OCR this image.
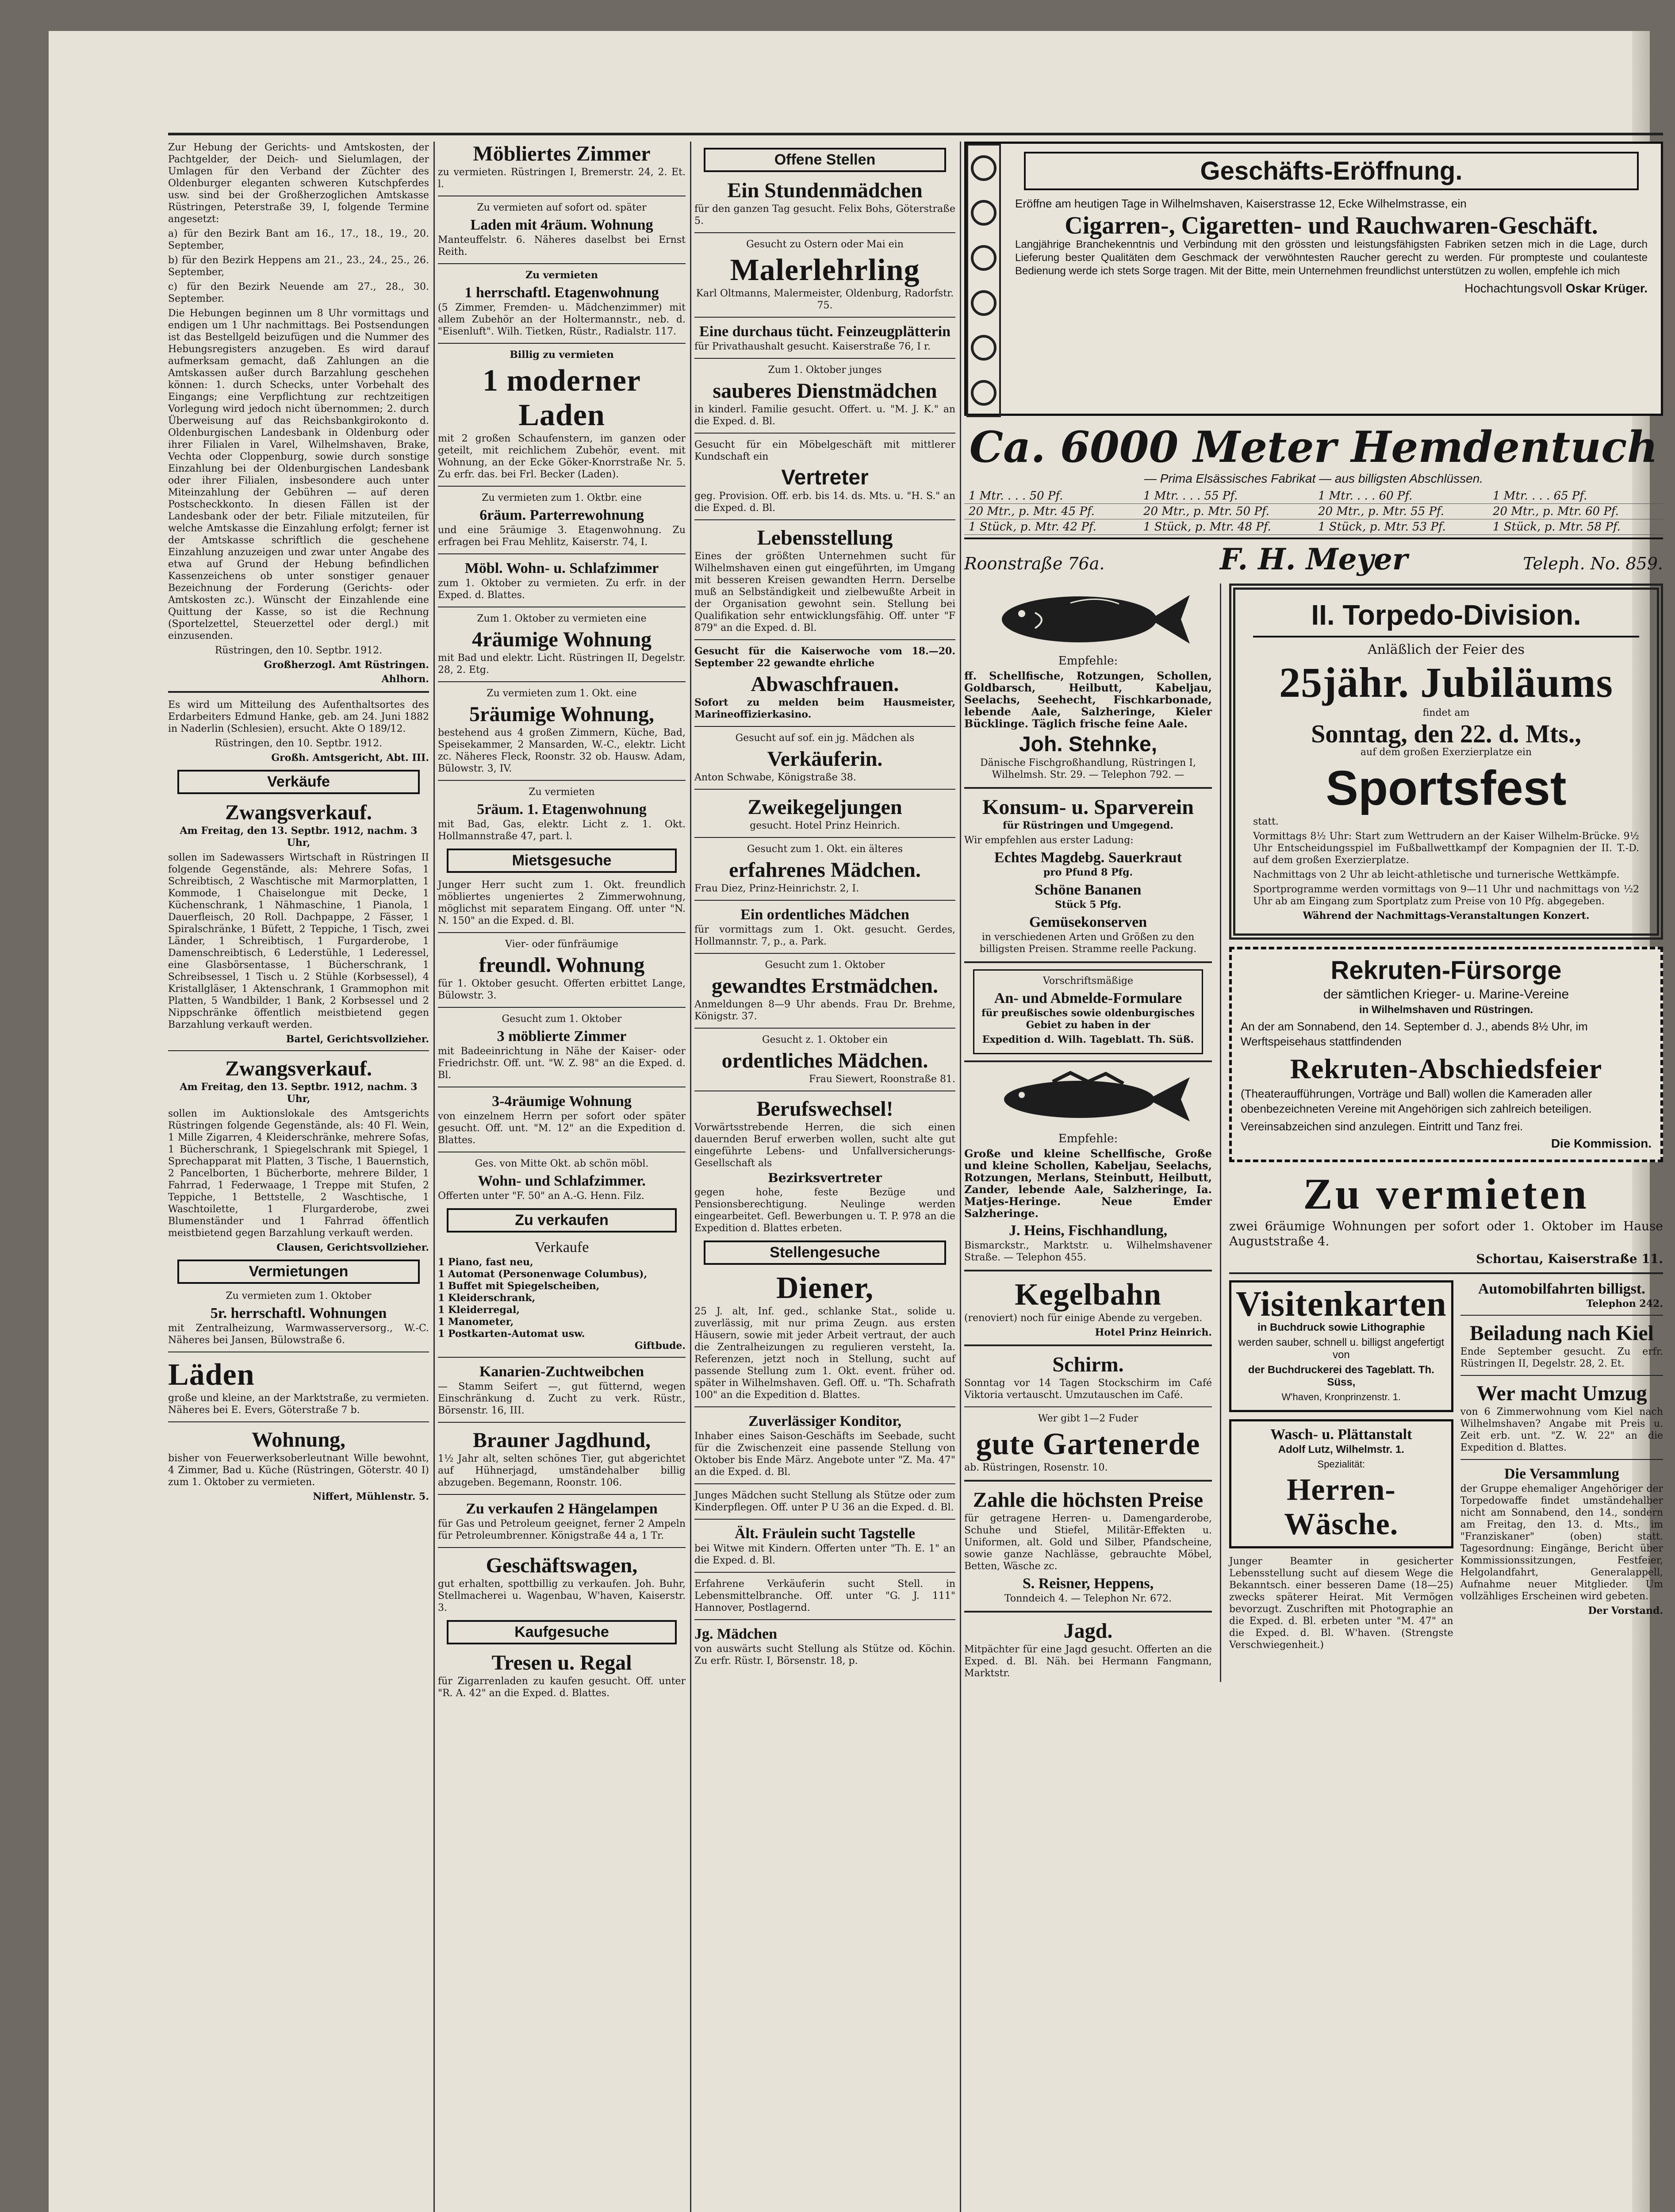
Zur Hebung der Gerichts- und Amtskosten, der Pachtgelder, der Deich- und Sielumlagen, der Umlagen für den Verband der Züchter des Oldenburger eleganten schweren Kutschpferdes usw. sind bei der Großherzoglichen Amtskasse Rüstringen, Peterstraße 39, I, folgende Termine angesetzt:

a) für den Bezirk Bant am 16., 17., 18., 19., 20. September,

b) für den Bezirk Heppens am 21., 23., 24., 25., 26. September,

c) für den Bezirk Neuende am 27., 28., 30. September.

Die Hebungen beginnen um 8 Uhr vormittags und endigen um 1 Uhr nachmittags. Bei Postsendungen ist das Bestellgeld beizufügen und die Nummer des Hebungsregisters anzugeben. Es wird darauf aufmerksam gemacht, daß Zahlungen an die Amtskassen außer durch Barzahlung geschehen können: 1. durch Schecks, unter Vorbehalt des Eingangs; eine Verpflichtung zur rechtzeitigen Vorlegung wird jedoch nicht übernommen; 2. durch Überweisung auf das Reichsbankgirokonto d. Oldenburgischen Landesbank in Oldenburg oder ihrer Filialen in Varel, Wilhelmshaven, Brake, Vechta oder Cloppenburg, sowie durch sonstige Einzahlung bei der Oldenburgischen Landesbank oder ihrer Filialen, insbesondere auch unter Miteinzahlung der Gebühren — auf deren Postscheckkonto. In diesen Fällen ist der Landesbank oder der betr. Filiale mitzuteilen, für welche Amtskasse die Einzahlung erfolgt; ferner ist der Amtskasse schriftlich die geschehene Einzahlung anzuzeigen und zwar unter Angabe des etwa auf Grund der Hebung befindlichen Kassenzeichens ob unter sonstiger genauer Bezeichnung der Forderung (Gerichts- oder Amtskosten zc.). Wünscht der Einzahlende eine Quittung der Kasse, so ist die Rechnung (Sportelzettel, Steuerzettel oder dergl.) mit einzusenden.

Rüstringen, den 10. Septbr. 1912.

Großherzogl. Amt Rüstringen.

Ahlhorn.

Es wird um Mitteilung des Aufenthaltsortes des Erdarbeiters Edmund Hanke, geb. am 24. Juni 1882 in Naderlin (Schlesien), ersucht. Akte O 189/12.

Rüstringen, den 10. Septbr. 1912.

Großh. Amtsgericht, Abt. III.

Verkäufe
Zwangsverkauf.

Am Freitag, den 13. Septbr. 1912, nachm. 3 Uhr,

sollen im Sadewassers Wirtschaft in Rüstringen II folgende Gegenstände, als: Mehrere Sofas, 1 Schreibtisch, 2 Waschtische mit Marmorplatten, 1 Kommode, 1 Chaiselongue mit Decke, 1 Küchenschrank, 1 Nähmaschine, 1 Pianola, 1 Dauerfleisch, 20 Roll. Dachpappe, 2 Fässer, 1 Spiralschränke, 1 Büfett, 2 Teppiche, 1 Tisch, zwei Länder, 1 Schreibtisch, 1 Furgarderobe, 1 Damenschreibtisch, 6 Lederstühle, 1 Lederessel, eine Glasbörsentasse, 1 Bücherschrank, 1 Schreibsessel, 1 Tisch u. 2 Stühle (Korbsessel), 4 Kristallgläser, 1 Aktenschrank, 1 Grammophon mit Platten, 5 Wandbilder, 1 Bank, 2 Korbsessel und 2 Nippschränke öffentlich meistbietend gegen Barzahlung verkauft werden.

Bartel, Gerichtsvollzieher.

Zwangsverkauf.

Am Freitag, den 13. Septbr. 1912, nachm. 3 Uhr,

sollen im Auktionslokale des Amtsgerichts Rüstringen folgende Gegenstände, als: 40 Fl. Wein, 1 Mille Zigarren, 4 Kleiderschränke, mehrere Sofas, 1 Bücherschrank, 1 Spiegelschrank mit Spiegel, 1 Sprechapparat mit Platten, 3 Tische, 1 Bauernstich, 2 Pancelborten, 1 Bücherborte, mehrere Bilder, 1 Fahrrad, 1 Federwaage, 1 Treppe mit Stufen, 2 Teppiche, 1 Bettstelle, 2 Waschtische, 1 Waschtoilette, 1 Flurgarderobe, zwei Blumenständer und 1 Fahrrad öffentlich meistbietend gegen Barzahlung verkauft werden.

Clausen, Gerichtsvollzieher.

Vermietungen

Zu vermieten zum 1. Oktober

5r. herrschaftl. Wohnungen

mit Zentralheizung, Warmwasserversorg., W.-C. Näheres bei Jansen, Bülowstraße 6.

Läden

große und kleine, an der Marktstraße, zu vermieten. Näheres bei E. Evers, Göterstraße 7 b.

Wohnung,

bisher von Feuerwerksoberleutnant Wille bewohnt, 4 Zimmer, Bad u. Küche (Rüstringen, Göterstr. 40 I) zum 1. Oktober zu vermieten.

Niffert, Mühlenstr. 5.

Möbliertes Zimmer

zu vermieten. Rüstringen I, Bremerstr. 24, 2. Et. l.

Zu vermieten auf sofort od. später

Laden mit 4räum. Wohnung

Manteuffelstr. 6. Näheres daselbst bei Ernst Reith.

Zu vermieten

1 herrschaftl. Etagenwohnung

(5 Zimmer, Fremden- u. Mädchenzimmer) mit allem Zubehör an der Holtermannstr., neb. d. "Eisenluft". Wilh. Tietken, Rüstr., Radialstr. 117.

Billig zu vermieten

1 moderner Laden

mit 2 großen Schaufenstern, im ganzen oder geteilt, mit reichlichem Zubehör, event. mit Wohnung, an der Ecke Göker-Knorrstraße Nr. 5. Zu erfr. das. bei Frl. Becker (Laden).

Zu vermieten zum 1. Oktbr. eine

6räum. Parterrewohnung

und eine 5räumige 3. Etagenwohnung. Zu erfragen bei Frau Mehlitz, Kaiserstr. 74, I.

Möbl. Wohn- u. Schlafzimmer

zum 1. Oktober zu vermieten. Zu erfr. in der Exped. d. Blattes.

Zum 1. Oktober zu vermieten eine

4räumige Wohnung

mit Bad und elektr. Licht. Rüstringen II, Degelstr. 28, 2. Etg.

Zu vermieten zum 1. Okt. eine

5räumige Wohnung,

bestehend aus 4 großen Zimmern, Küche, Bad, Speisekammer, 2 Mansarden, W.-C., elektr. Licht zc. Näheres Fleck, Roonstr. 32 ob. Hausw. Adam, Bülowstr. 3, IV.

Zu vermieten

5räum. 1. Etagenwohnung

mit Bad, Gas, elektr. Licht z. 1. Okt. Hollmannstraße 47, part. l.

Mietsgesuche

Junger Herr sucht zum 1. Okt. freundlich möbliertes ungeniertes 2 Zimmerwohnung, möglichst mit separatem Eingang. Off. unter "N. N. 150" an die Exped. d. Bl.

Vier- oder fünfräumige

freundl. Wohnung

für 1. Oktober gesucht. Offerten erbittet Lange, Bülowstr. 3.

Gesucht zum 1. Oktober

3 möblierte Zimmer

mit Badeeinrichtung in Nähe der Kaiser- oder Friedrichstr. Off. unt. "W. Z. 98" an die Exped. d. Bl.

3-4räumige Wohnung

von einzelnem Herrn per sofort oder später gesucht. Off. unt. "M. 12" an die Expedition d. Blattes.

Ges. von Mitte Okt. ab schön möbl.

Wohn- und Schlafzimmer.

Offerten unter "F. 50" an A.-G. Henn. Filz.

Zu verkaufen
Verkaufe

1 Piano, fast neu,

1 Automat (Personenwage Columbus),

1 Buffet mit Spiegelscheiben,

1 Kleiderschrank,

1 Kleiderregal,

1 Manometer,

1 Postkarten-Automat usw.

Giftbude.

Kanarien-Zuchtweibchen

— Stamm Seifert —, gut fütternd, wegen Einschränkung d. Zucht zu verk. Rüstr., Börsenstr. 16, III.

Brauner Jagdhund,

1½ Jahr alt, selten schönes Tier, gut abgerichtet auf Hühnerjagd, umständehalber billig abzugeben. Begemann, Roonstr. 106.

Zu verkaufen 2 Hängelampen

für Gas und Petroleum geeignet, ferner 2 Ampeln für Petroleumbrenner. Königstraße 44 a, 1 Tr.

Geschäftswagen,

gut erhalten, spottbillig zu verkaufen. Joh. Buhr, Stellmacherei u. Wagenbau, W'haven, Kaiserstr. 3.

Kaufgesuche
Tresen u. Regal

für Zigarrenladen zu kaufen gesucht. Off. unter "R. A. 42" an die Exped. d. Blattes.

Offene Stellen
Ein Stundenmädchen

für den ganzen Tag gesucht. Felix Bohs, Göterstraße 5.

Gesucht zu Ostern oder Mai ein

Malerlehrling

Karl Oltmanns, Malermeister, Oldenburg, Radorfstr. 75.

Eine durchaus tücht. Feinzeugplätterin

für Privathaushalt gesucht. Kaiserstraße 76, I r.

Zum 1. Oktober junges

sauberes Dienstmädchen

in kinderl. Familie gesucht. Offert. u. "M. J. K." an die Exped. d. Bl.

Gesucht für ein Möbelgeschäft mit mittlerer Kundschaft ein

Vertreter

geg. Provision. Off. erb. bis 14. ds. Mts. u. "H. S." an die Exped. d. Bl.

Lebensstellung

Eines der größten Unternehmen sucht für Wilhelmshaven einen gut eingeführten, im Umgang mit besseren Kreisen gewandten Herrn. Derselbe muß an Selbständigkeit und zielbewußte Arbeit in der Organisation gewohnt sein. Stellung bei Qualifikation sehr entwicklungsfähig. Off. unter "F 879" an die Exped. d. Bl.

Gesucht für die Kaiserwoche vom 18.—20. September 22 gewandte ehrliche

Abwaschfrauen.

Sofort zu melden beim Hausmeister, Marineoffizierkasino.

Gesucht auf sof. ein jg. Mädchen als

Verkäuferin.

Anton Schwabe, Königstraße 38.

Zweikegeljungen

gesucht. Hotel Prinz Heinrich.

Gesucht zum 1. Okt. ein älteres

erfahrenes Mädchen.

Frau Diez, Prinz-Heinrichstr. 2, I.

Ein ordentliches Mädchen

für vormittags zum 1. Okt. gesucht. Gerdes, Hollmannstr. 7, p., a. Park.

Gesucht zum 1. Oktober

gewandtes Erstmädchen.

Anmeldungen 8—9 Uhr abends. Frau Dr. Brehme, Königstr. 37.

Gesucht z. 1. Oktober ein

ordentliches Mädchen.

Frau Siewert, Roonstraße 81.

Berufswechsel!

Vorwärtsstrebende Herren, die sich einen dauernden Beruf erwerben wollen, sucht alte gut eingeführte Lebens- und Unfallversicherungs-Gesellschaft als

Bezirksvertreter

gegen hohe, feste Bezüge und Pensionsberechtigung. Neulinge werden eingearbeitet. Gefl. Bewerbungen u. T. P. 978 an die Expedition d. Blattes erbeten.

Stellengesuche
Diener,

25 J. alt, Inf. ged., schlanke Stat., solide u. zuverlässig, mit nur prima Zeugn. aus ersten Häusern, sowie mit jeder Arbeit vertraut, der auch die Zentralheizungen zu regulieren versteht, Ia. Referenzen, jetzt noch in Stellung, sucht auf passende Stellung zum 1. Okt. event. früher od. später in Wilhelmshaven. Gefl. Off. u. "Th. Schafrath 100" an die Expedition d. Blattes.

Zuverlässiger Konditor,

Inhaber eines Saison-Geschäfts im Seebade, sucht für die Zwischenzeit eine passende Stellung von Oktober bis Ende März. Angebote unter "Z. Ma. 47" an die Exped. d. Bl.

Junges Mädchen sucht Stellung als Stütze oder zum Kinderpflegen. Off. unter P U 36 an die Exped. d. Bl.

Ält. Fräulein sucht Tagstelle

bei Witwe mit Kindern. Offerten unter "Th. E. 1" an die Exped. d. Bl.

Erfahrene Verkäuferin sucht Stell. in Lebensmittelbranche. Off. unter "G. J. 111" Hannover, Postlagernd.

Jg. Mädchen

von auswärts sucht Stellung als Stütze od. Köchin. Zu erfr. Rüstr. I, Börsenstr. 18, p.

Geschäfts-Eröffnung.

Eröffne am heutigen Tage in Wilhelmshaven, Kaiserstrasse 12, Ecke Wilhelmstrasse, ein

Cigarren-, Cigaretten- und Rauchwaren-Geschäft.

Langjährige Branchekenntnis und Verbindung mit den grössten und leistungsfähigsten Fabriken setzen mich in die Lage, durch Lieferung bester Qualitäten dem Geschmack der verwöhntesten Raucher gerecht zu werden. Für prompteste und coulanteste Bedienung werde ich stets Sorge tragen. Mit der Bitte, mein Unternehmen freundlichst unterstützen zu wollen, empfehle ich mich

Hochachtungsvoll Oskar Krüger.

Ca. 6000 Meter Hemdentuch
— Prima Elsässisches Fabrikat — aus billigsten Abschlüssen.
1 Mtr. . . . 50 Pf.	1 Mtr. . . . 55 Pf.	1 Mtr. . . . 60 Pf.	1 Mtr. . . . 65 Pf.
20 Mtr., p. Mtr. 45 Pf.	20 Mtr., p. Mtr. 50 Pf.	20 Mtr., p. Mtr. 55 Pf.	20 Mtr., p. Mtr. 60 Pf.
1 Stück, p. Mtr. 42 Pf.	1 Stück, p. Mtr. 48 Pf.	1 Stück, p. Mtr. 53 Pf.	1 Stück, p. Mtr. 58 Pf.
Roonstraße 76a.	F. H. Meyer	Teleph. No. 859.

Empfehle:

ff. Schellfische, Rotzungen, Schollen, Goldbarsch, Heilbutt, Kabeljau, Seelachs, Seehecht, Fischkarbonade, lebende Aale, Salzheringe, Kieler Bücklinge. Täglich frische feine Aale.

Joh. Stehnke,

Dänische Fischgroßhandlung, Rüstringen I, Wilhelmsh. Str. 29. — Telephon 792. —

Konsum- u. Sparverein

für Rüstringen und Umgegend.

Wir empfehlen aus erster Ladung:

Echtes Magdebg. Sauerkraut

pro Pfund 8 Pfg.

Schöne Bananen

Stück 5 Pfg.

Gemüsekonserven

in verschiedenen Arten und Größen zu den billigsten Preisen. Stramme reelle Packung.

Vorschriftsmäßige

An- und Abmelde-Formulare

für preußisches sowie oldenburgisches Gebiet zu haben in der

Expedition d. Wilh. Tageblatt. Th. Süß.

Empfehle:

Große und kleine Schellfische, Große und kleine Schollen, Kabeljau, Seelachs, Rotzungen, Merlans, Steinbutt, Heilbutt, Zander, lebende Aale, Salzheringe, Ia. Matjes-Heringe. Neue Emder Salzheringe.

J. Heins, Fischhandlung,

Bismarckstr., Marktstr. u. Wilhelmshavener Straße. — Telephon 455.

Kegelbahn

(renoviert) noch für einige Abende zu vergeben.

Hotel Prinz Heinrich.

Schirm.

Sonntag vor 14 Tagen Stockschirm im Café Viktoria vertauscht. Umzutauschen im Café.

Wer gibt 1—2 Fuder

gute Gartenerde

ab. Rüstringen, Rosenstr. 10.

Zahle die höchsten Preise

für getragene Herren- u. Damengarderobe, Schuhe und Stiefel, Militär-Effekten u. Uniformen, alt. Gold und Silber, Pfandscheine, sowie ganze Nachlässe, gebrauchte Möbel, Betten, Wäsche zc.

S. Reisner, Heppens,

Tonndeich 4. — Telephon Nr. 672.

Jagd.

Mitpächter für eine Jagd gesucht. Offerten an die Exped. d. Bl. Näh. bei Hermann Fangmann, Marktstr.

II. Torpedo-Division.

Anläßlich der Feier des

25jähr. Jubiläums

findet am

Sonntag, den 22. d. Mts.,

auf dem großen Exerzierplatze ein

Sportsfest

statt.

Vormittags 8½ Uhr: Start zum Wettrudern an der Kaiser Wilhelm-Brücke. 9½ Uhr Entscheidungsspiel im Fußballwettkampf der Kompagnien der II. T.-D. auf dem großen Exerzierplatze.

Nachmittags von 2 Uhr ab leicht-athletische und turnerische Wettkämpfe.

Sportprogramme werden vormittags von 9—11 Uhr und nachmittags von ½2 Uhr ab am Eingang zum Sportplatz zum Preise von 10 Pfg. abgegeben.

Während der Nachmittags-Veranstaltungen Konzert.

Rekruten-Fürsorge

der sämtlichen Krieger- u. Marine-Vereine

in Wilhelmshaven und Rüstringen.

An der am Sonnabend, den 14. September d. J., abends 8½ Uhr, im Werftspeisehaus stattfindenden

Rekruten-Abschiedsfeier

(Theateraufführungen, Vorträge und Ball) wollen die Kameraden aller obenbezeichneten Vereine mit Angehörigen sich zahlreich beteiligen.

Vereinsabzeichen sind anzulegen. Eintritt und Tanz frei.

Die Kommission.

Zu vermieten

zwei 6räumige Wohnungen per sofort oder 1. Oktober im Hause Auguststraße 4.

Schortau, Kaiserstraße 11.

Visitenkarten

in Buchdruck sowie Lithographie

werden sauber, schnell u. billigst angefertigt von

der Buchdruckerei des Tageblatt. Th. Süss,

W'haven, Kronprinzenstr. 1.

Wasch- u. Plättanstalt

Adolf Lutz, Wilhelmstr. 1.

Spezialität:

Herren-Wäsche.

Junger Beamter in gesicherter Lebensstellung sucht auf diesem Wege die Bekanntsch. einer besseren Dame (18—25) zwecks späterer Heirat. Mit Vermögen bevorzugt. Zuschriften mit Photographie an die Exped. d. Bl. erbeten unter "M. 47" an die Exped. d. Bl. W'haven. (Strengste Verschwiegenheit.)

Automobilfahrten billigst.

Telephon 242.

Beiladung nach Kiel

Ende September gesucht. Zu erfr. Rüstringen II, Degelstr. 28, 2. Et.

Wer macht Umzug

von 6 Zimmerwohnung vom Kiel nach Wilhelmshaven? Angabe mit Preis u. Zeit erb. unt. "Z. W. 22" an die Expedition d. Blattes.

Die Versammlung

der Gruppe ehemaliger Angehöriger der Torpedowaffe findet umständehalber nicht am Sonnabend, den 14., sondern am Freitag, den 13. d. Mts., im "Franziskaner" (oben) statt. Tagesordnung: Eingänge, Bericht über Kommissionssitzungen, Festfeier, Helgolandfahrt, Generalappell, Aufnahme neuer Mitglieder. Um vollzähliges Erscheinen wird gebeten.

Der Vorstand.
